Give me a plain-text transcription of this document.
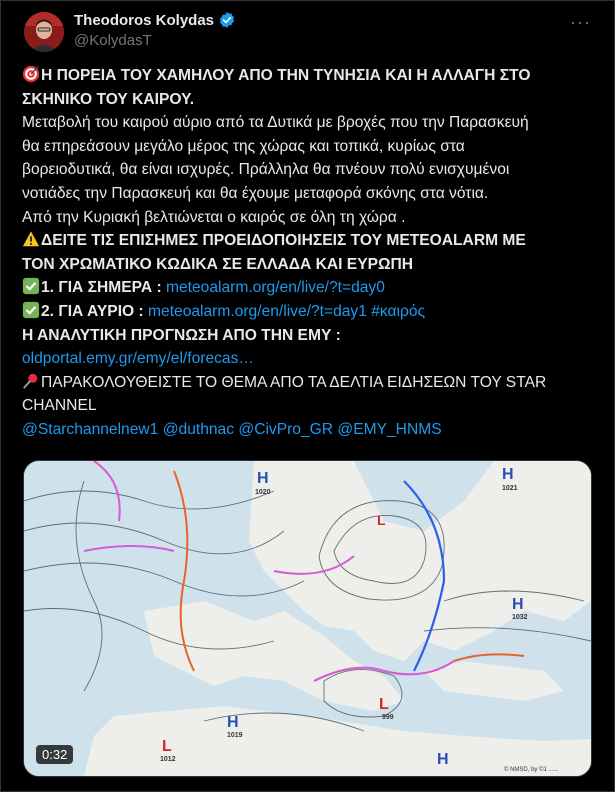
Theodoros Kolydas
@KolydasT
···
Η ΠΟΡΕΙΑ ΤΟΥ ΧΑΜΗΛΟΥ ΑΠΟ ΤΗΝ ΤΥΝΗΣΙΑ ΚΑΙ Η ΑΛΛΑΓΗ ΣΤΟ
ΣΚΗΝΙΚΟ ΤΟΥ ΚΑΙΡΟΥ.
Μεταβολή του καιρού αύριο από τα Δυτικά με βροχές που την Παρασκευή
θα επηρεάσουν μεγάλο μέρος της χώρας και τοπικά, κυρίως στα
βορειοδυτικά, θα είναι ισχυρές. Πράλληλα θα πνέουν πολύ ενισχυμένοι
νοτιάδες την Παρασκευή και θα έχουμε μεταφορά σκόνης στα νότια.
Από την Κυριακή βελτιώνεται ο καιρός σε όλη τη χώρα .
ΔΕΙΤΕ ΤΙΣ ΕΠΙΣΗΜΕΣ ΠΡΟΕΙΔΟΠΟΙΗΣΕΙΣ ΤΟΥ METEOALARM ΜΕ
ΤΟΝ ΧΡΩΜΑΤΙΚΟ ΚΩΔΙΚΑ ΣΕ ΕΛΛΑΔΑ ΚΑΙ ΕΥΡΩΠΗ
1. ΓΙΑ ΣΗΜΕΡΑ : meteoalarm.org/en/live/?t=day0
2. ΓΙΑ ΑΥΡΙΟ : meteoalarm.org/en/live/?t=day1 #καιρός
Η ΑΝΑΛΥΤΙΚΗ ΠΡΟΓΝΩΣΗ ΑΠΟ ΤΗΝ ΕΜΥ :
oldportal.emy.gr/emy/el/forecas…
ΠΑΡΑΚΟΛΟΥΘΕΙΣΤΕ ΤΟ ΘΕΜΑ ΑΠΟ ΤΑ ΔΕΛΤΙΑ ΕΙΔΗΣΕΩΝ ΤΟΥ STAR
CHANNEL
@Starchannelnew1 @duthnac @CivPro_GR @EMY_HNMS
H
1020
H
1021
H
1032
H
1019
H
L
999
L
1012
L
© NMSD, by ©1 ......
0:32
